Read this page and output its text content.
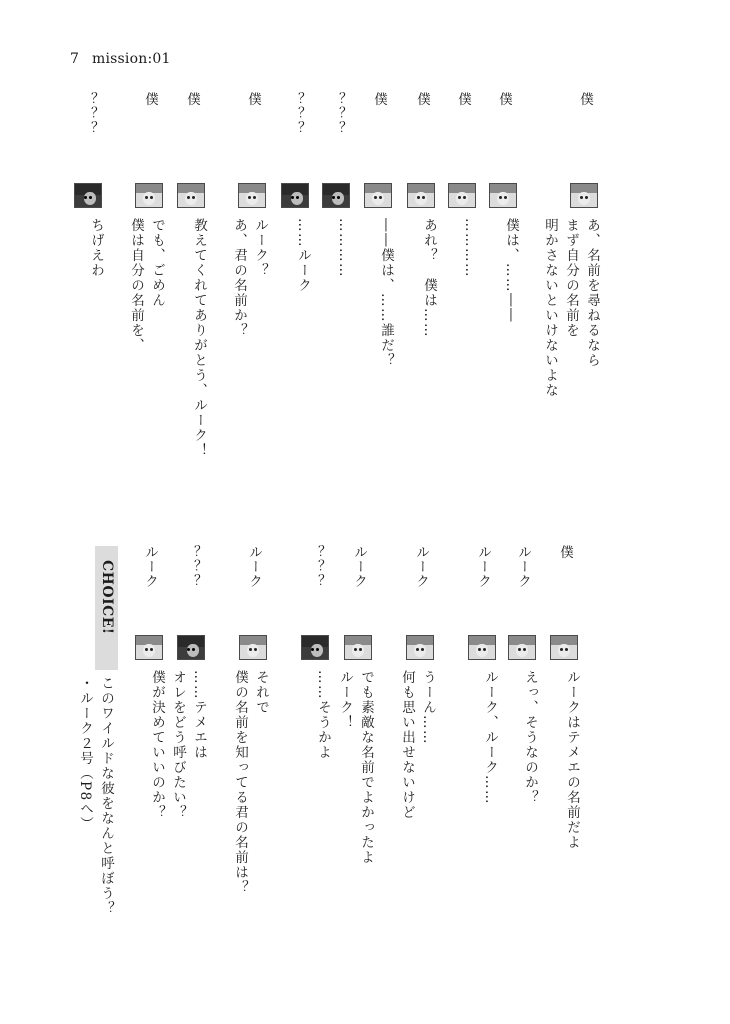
7 mission:01
僕
あ、名前を尋ねるなら
まず自分の名前を
明かさないといけないよな
僕
僕は、……――
僕
…………
僕
あれ？　僕は……
僕
――僕は、……誰だ？
？？？
…………
？？？
……ルーク
僕
ルーク？
あ、君の名前か？
僕
教えてくれてありがとう、ルーク！
僕
でも、ごめん
僕は自分の名前を、
？？？
ちげえわ
僕
ルークはテメエの名前だよ
ルーク
えっ、そうなのか？
ルーク
ルーク、ルーク……
ルーク
うーん……
何も思い出せないけど
ルーク
でも素敵な名前でよかったよ
ルーク！
？？？
……そうかよ
ルーク
それで
僕の名前を知ってる君の名前は？
？？？
……テメエは
オレをどう呼びたい？
ルーク
僕が決めていいのか？
CHOICE!
このワイルドな彼をなんと呼ぼう？
・ルーク２号（P8へ）
